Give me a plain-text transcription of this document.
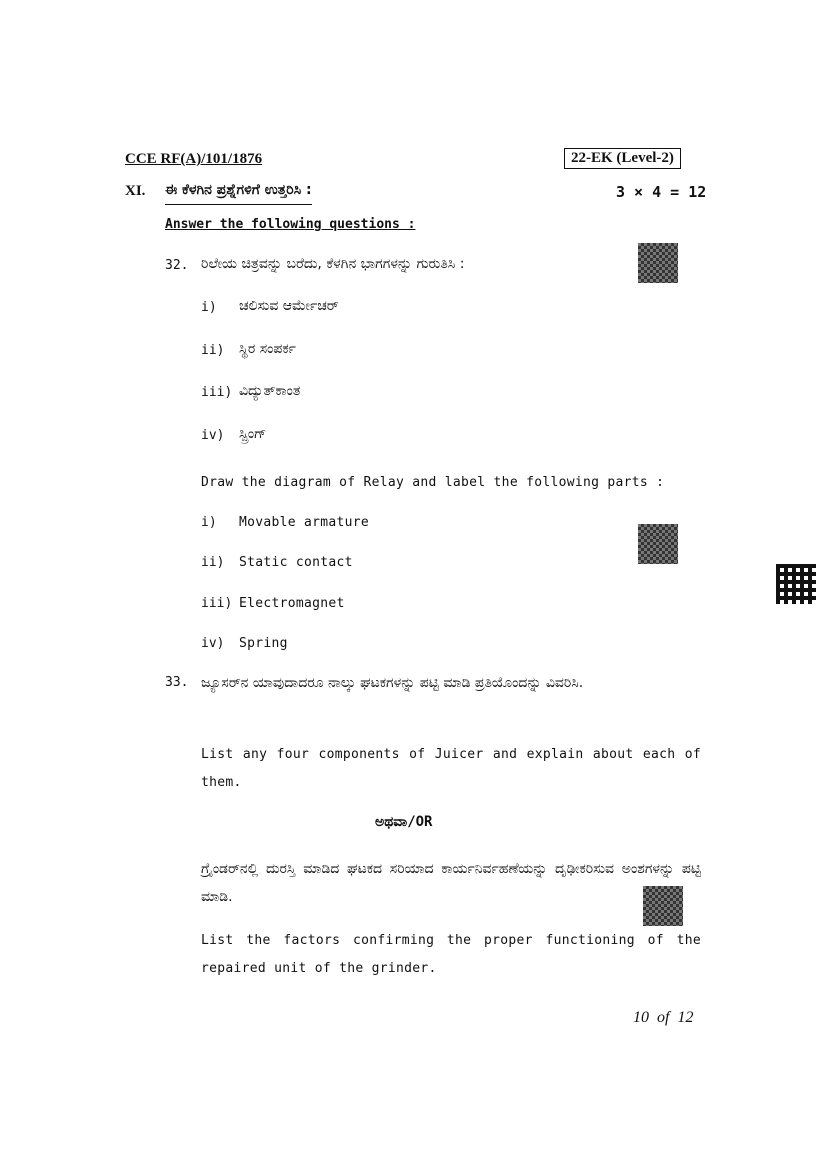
CCE RF(A)/101/1876	22-EK (Level-2)
XI. ಈ ಕೆಳಗಿನ ಪ್ರಶ್ನೆಗಳಿಗೆ ಉತ್ತರಿಸಿ :	3 × 4 = 12
Answer the following questions :
32. ರಿಲೇಯ ಚಿತ್ರವನ್ನು ಬರೆದು, ಕೆಳಗಿನ ಭಾಗಗಳನ್ನು ಗುರುತಿಸಿ :
i) ಚಲಿಸುವ ಆರ್ಮೇಚರ್
ii) ಸ್ಥಿರ ಸಂಪರ್ಕ
iii) ವಿದ್ಯುತ್‌ಕಾಂತ
iv) ಸ್ಪ್ರಿಂಗ್
Draw the diagram of Relay and label the following parts :
i) Movable armature
ii) Static contact
iii) Electromagnet
iv) Spring
33. ಜ್ಯೂಸರ್‌ನ ಯಾವುದಾದರೂ ನಾಲ್ಕು ಘಟಕಗಳನ್ನು ಪಟ್ಟಿ ಮಾಡಿ ಪ್ರತಿಯೊಂದನ್ನು ವಿವರಿಸಿ.
List any four components of Juicer and explain about each of them.
ಅಥವಾ/OR
ಗ್ರೈಂಡರ್‌ನಲ್ಲಿ ದುರಸ್ತಿ ಮಾಡಿದ ಘಟಕದ ಸರಿಯಾದ ಕಾರ್ಯನಿರ್ವಹಣೆಯನ್ನು ದೃಢೀಕರಿಸುವ ಅಂಶಗಳನ್ನು ಪಟ್ಟಿ ಮಾಡಿ.
List the factors confirming the proper functioning of the repaired unit of the grinder.
10 of 12
